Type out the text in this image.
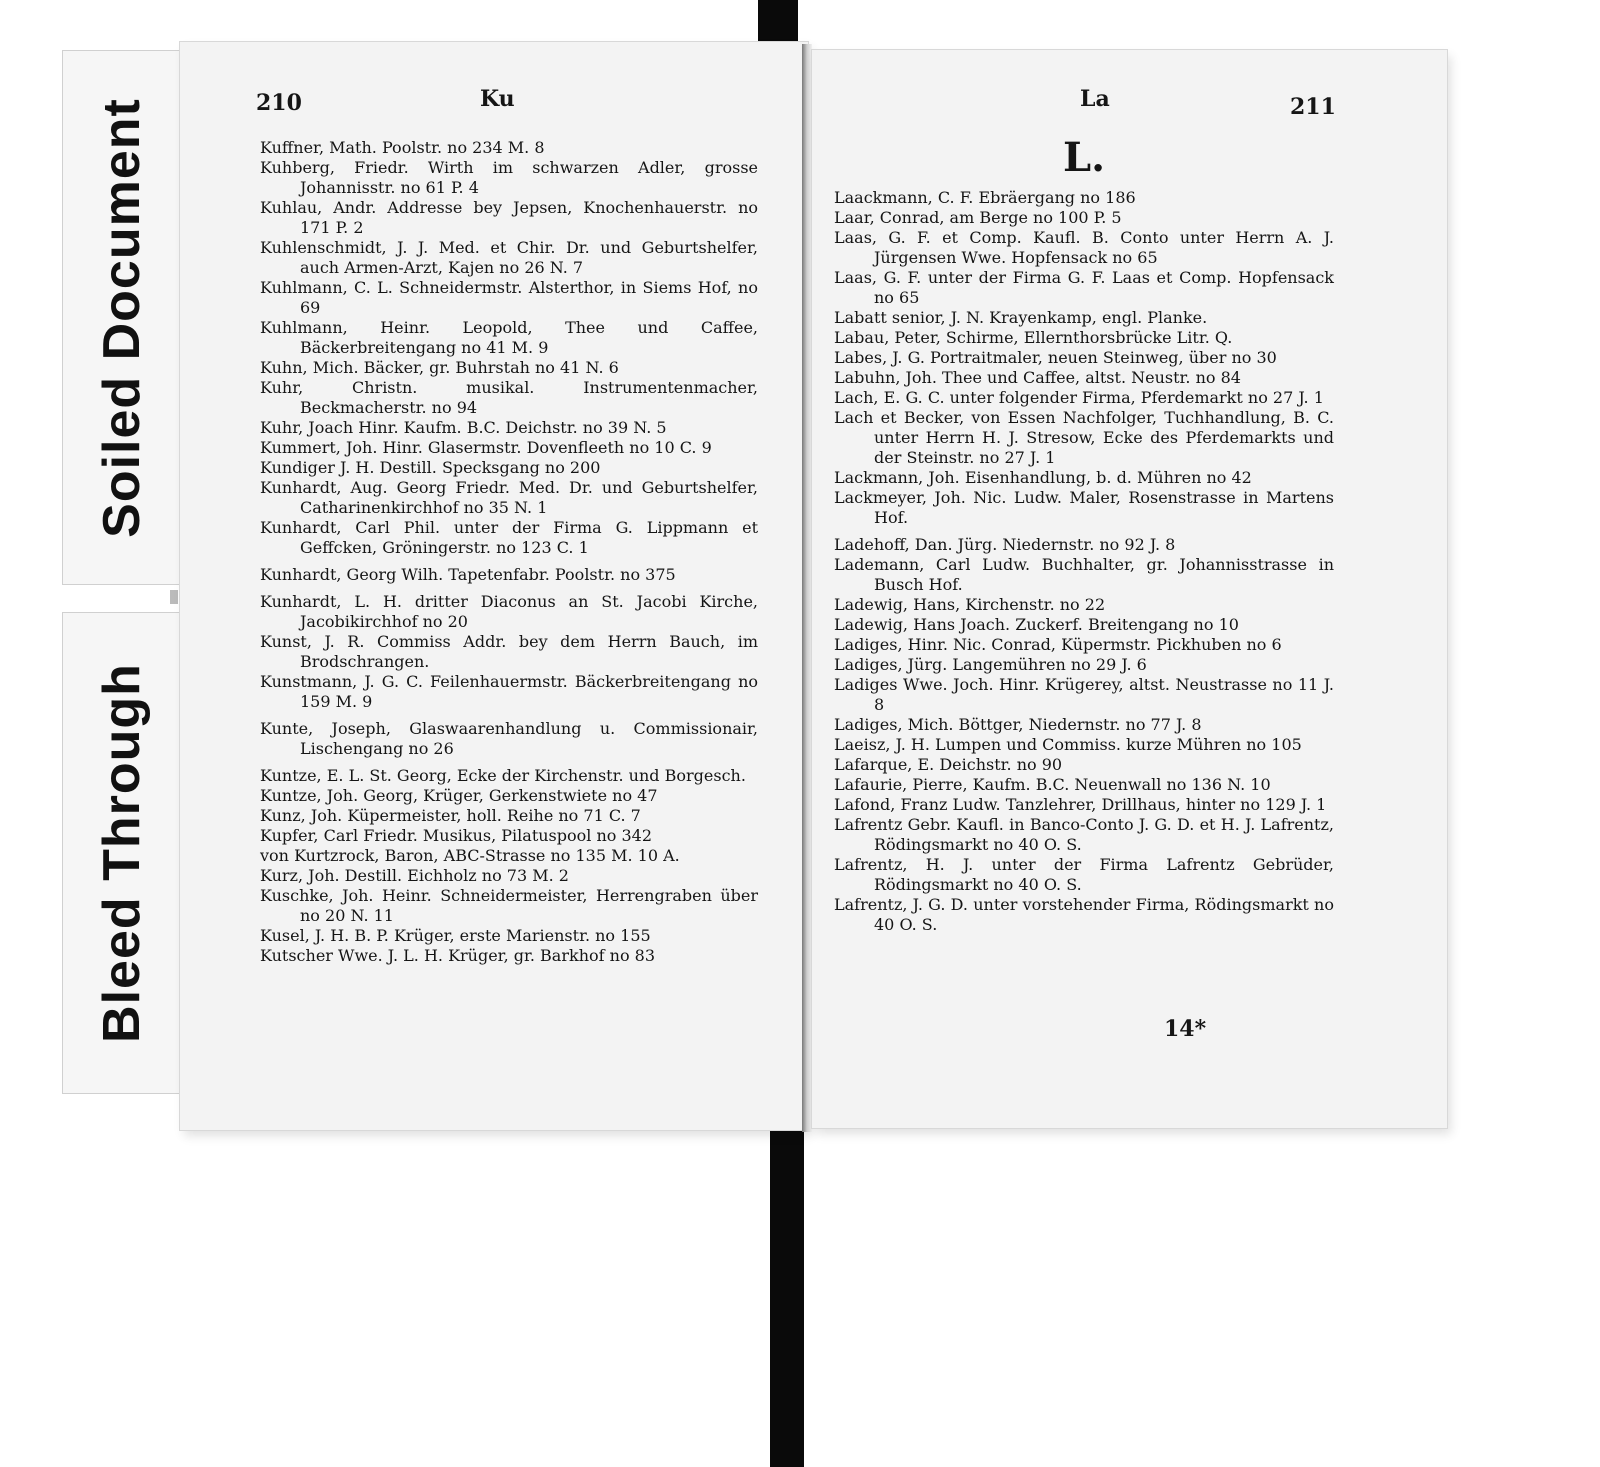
Soiled Document
Bleed Through
210	Ku

Kuffner, Math. Poolstr. no 234 M. 8

Kuhberg, Friedr. Wirth im schwarzen Adler, grosse Johannisstr. no 61 P. 4

Kuhlau, Andr. Addresse bey Jepsen, Knochenhauerstr. no 171 P. 2

Kuhlenschmidt, J. J. Med. et Chir. Dr. und Geburtshelfer, auch Armen-Arzt, Kajen no 26 N. 7

Kuhlmann, C. L. Schneidermstr. Alsterthor, in Siems Hof, no 69

Kuhlmann, Heinr. Leopold, Thee und Caffee, Bäckerbreitengang no 41 M. 9

Kuhn, Mich. Bäcker, gr. Buhrstah no 41 N. 6

Kuhr, Christn. musikal. Instrumentenmacher, Beckmacherstr. no 94

Kuhr, Joach Hinr. Kaufm. B.C. Deichstr. no 39 N. 5

Kummert, Joh. Hinr. Glasermstr. Dovenfleeth no 10 C. 9

Kundiger J. H. Destill. Specksgang no 200

Kunhardt, Aug. Georg Friedr. Med. Dr. und Geburtshelfer, Catharinenkirchhof no 35 N. 1

Kunhardt, Carl Phil. unter der Firma G. Lippmann et Geffcken, Gröningerstr. no 123 C. 1

Kunhardt, Georg Wilh. Tapetenfabr. Poolstr. no 375

Kunhardt, L. H. dritter Diaconus an St. Jacobi Kirche, Jacobikirchhof no 20

Kunst, J. R. Commiss Addr. bey dem Herrn Bauch, im Brodschrangen.

Kunstmann, J. G. C. Feilenhauermstr. Bäckerbreitengang no 159 M. 9

Kunte, Joseph, Glaswaarenhandlung u. Commissionair, Lischengang no 26

Kuntze, E. L. St. Georg, Ecke der Kirchenstr. und Borgesch.

Kuntze, Joh. Georg, Krüger, Gerkenstwiete no 47

Kunz, Joh. Küpermeister, holl. Reihe no 71 C. 7

Kupfer, Carl Friedr. Musikus, Pilatuspool no 342

von Kurtzrock, Baron, ABC-Strasse no 135 M. 10 A.

Kurz, Joh. Destill. Eichholz no 73 M. 2

Kuschke, Joh. Heinr. Schneidermeister, Herrengraben über no 20 N. 11

Kusel, J. H. B. P. Krüger, erste Marienstr. no 155

Kutscher Wwe. J. L. H. Krüger, gr. Barkhof no 83

La	211

L.

Laackmann, C. F. Ebräergang no 186

Laar, Conrad, am Berge no 100 P. 5

Laas, G. F. et Comp. Kaufl. B. Conto unter Herrn A. J. Jürgensen Wwe. Hopfensack no 65

Laas, G. F. unter der Firma G. F. Laas et Comp. Hopfensack no 65

Labatt senior, J. N. Krayenkamp, engl. Planke.

Labau, Peter, Schirme, Ellernthorsbrücke Litr. Q.

Labes, J. G. Portraitmaler, neuen Steinweg, über no 30

Labuhn, Joh. Thee und Caffee, altst. Neustr. no 84

Lach, E. G. C. unter folgender Firma, Pferdemarkt no 27 J. 1

Lach et Becker, von Essen Nachfolger, Tuchhandlung, B. C. unter Herrn H. J. Stresow, Ecke des Pferdemarkts und der Steinstr. no 27 J. 1

Lackmann, Joh. Eisenhandlung, b. d. Mühren no 42

Lackmeyer, Joh. Nic. Ludw. Maler, Rosenstrasse in Martens Hof.

Ladehoff, Dan. Jürg. Niedernstr. no 92 J. 8

Lademann, Carl Ludw. Buchhalter, gr. Johannisstrasse in Busch Hof.

Ladewig, Hans, Kirchenstr. no 22

Ladewig, Hans Joach. Zuckerf. Breitengang no 10

Ladiges, Hinr. Nic. Conrad, Küpermstr. Pickhuben no 6

Ladiges, Jürg. Langemühren no 29 J. 6

Ladiges Wwe. Joch. Hinr. Krügerey, altst. Neustrasse no 11 J. 8

Ladiges, Mich. Böttger, Niedernstr. no 77 J. 8

Laeisz, J. H. Lumpen und Commiss. kurze Mühren no 105

Lafarque, E. Deichstr. no 90

Lafaurie, Pierre, Kaufm. B.C. Neuenwall no 136 N. 10

Lafond, Franz Ludw. Tanzlehrer, Drillhaus, hinter no 129 J. 1

Lafrentz Gebr. Kaufl. in Banco-Conto J. G. D. et H. J. Lafrentz, Rödingsmarkt no 40 O. S.

Lafrentz, H. J. unter der Firma Lafrentz Gebrüder, Rödingsmarkt no 40 O. S.

Lafrentz, J. G. D. unter vorstehender Firma, Rödingsmarkt no 40 O. S.

14*
